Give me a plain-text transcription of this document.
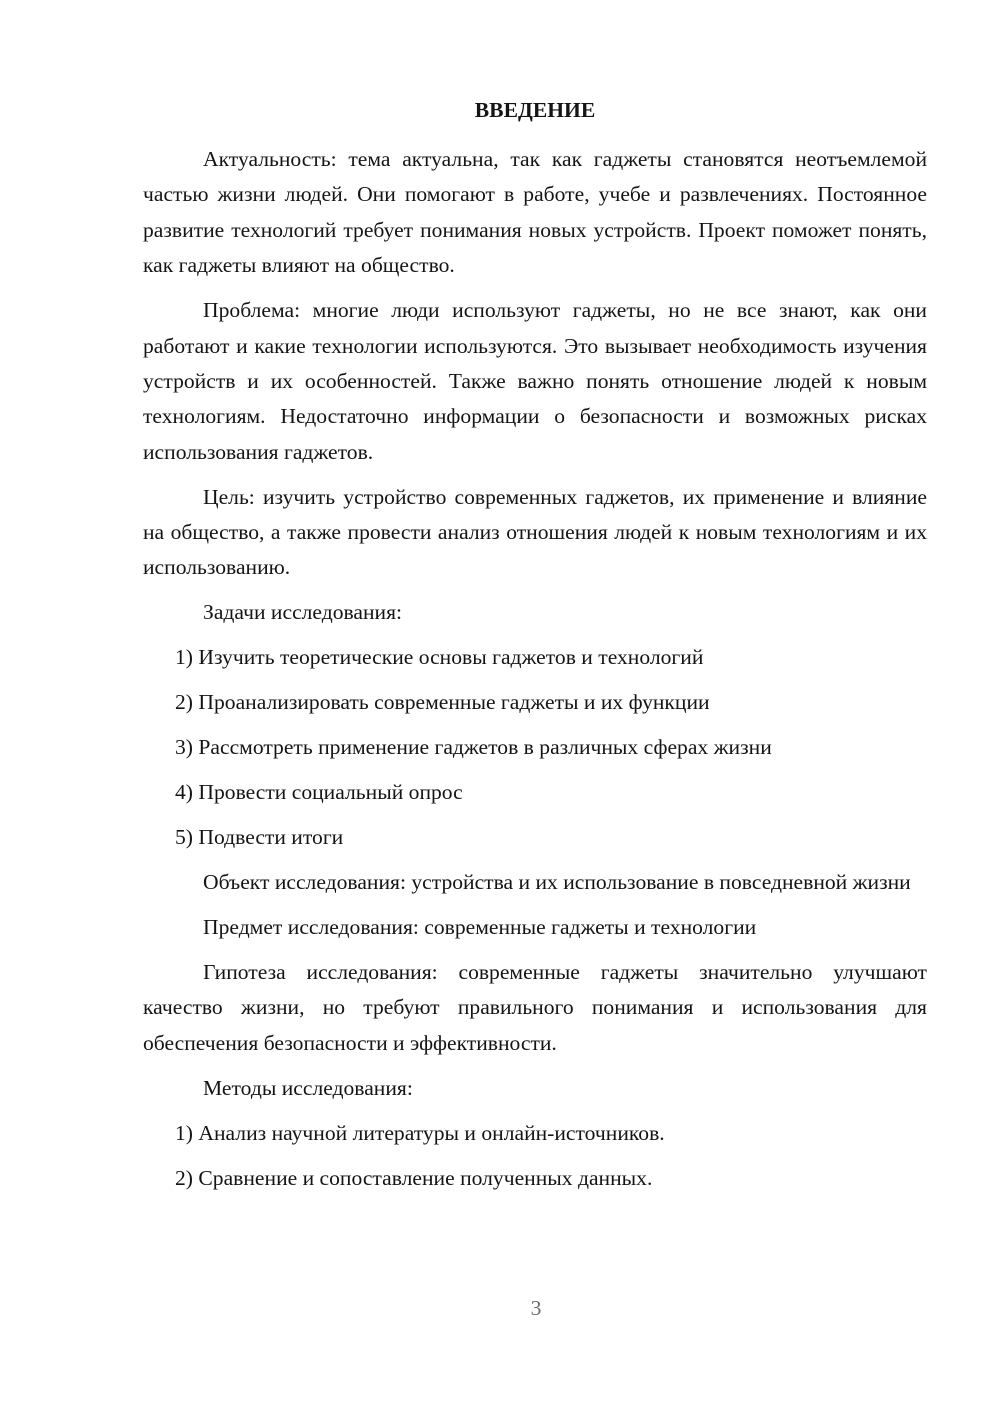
ВВЕДЕНИЕ

Актуальность: тема актуальна, так как гаджеты становятся неотъемлемой частью жизни людей. Они помогают в работе, учебе и развлечениях. Постоянное развитие технологий требует понимания новых устройств. Проект поможет понять, как гаджеты влияют на общество.

Проблема: многие люди используют гаджеты, но не все знают, как они работают и какие технологии используются. Это вызывает необходимость изучения устройств и их особенностей. Также важно понять отношение людей к новым технологиям. Недостаточно информации о безопасности и возможных рисках использования гаджетов.

Цель: изучить устройство современных гаджетов, их применение и влияние на общество, а также провести анализ отношения людей к новым технологиям и их использованию.

Задачи исследования:

1) Изучить теоретические основы гаджетов и технологий
2) Проанализировать современные гаджеты и их функции
3) Рассмотреть применение гаджетов в различных сферах жизни
4) Провести социальный опрос
5) Подвести итоги

Объект исследования: устройства и их использование в повседневной жизни

Предмет исследования: современные гаджеты и технологии

Гипотеза исследования: современные гаджеты значительно улучшают качество жизни, но требуют правильного понимания и использования для обеспечения безопасности и эффективности.

Методы исследования:

1) Анализ научной литературы и онлайн-источников.
2) Сравнение и сопоставление полученных данных.
3
